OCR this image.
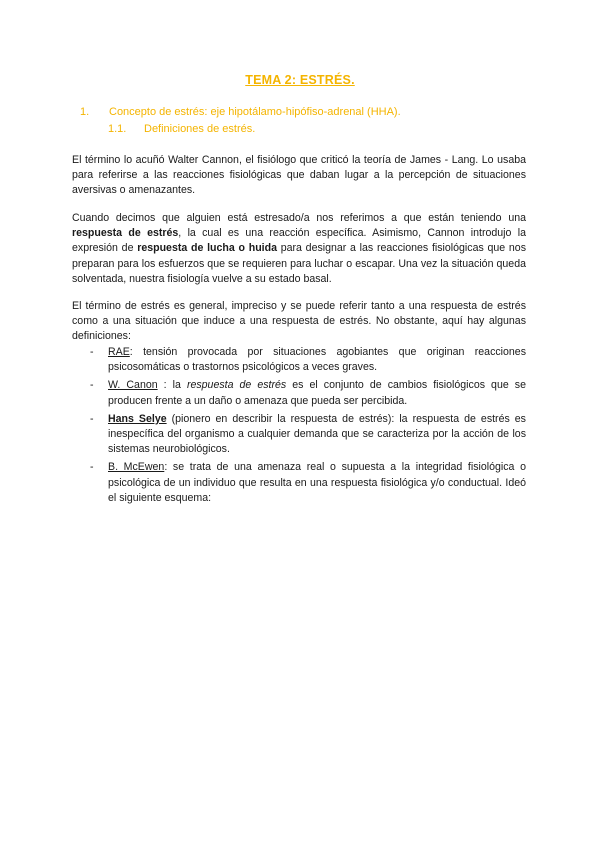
TEMA 2: ESTRÉS.
1. Concepto de estrés: eje hipotálamo-hipófiso-adrenal (HHA).
1.1. Definiciones de estrés.

El término lo acuñó Walter Cannon, el fisiólogo que criticó la teoría de James - Lang. Lo usaba para referirse a las reacciones fisiológicas que daban lugar a la percepción de situaciones aversivas o amenazantes.

Cuando decimos que alguien está estresado/a nos referimos a que están teniendo una respuesta de estrés, la cual es una reacción específica. Asimismo, Cannon introdujo la expresión de respuesta de lucha o huida para designar a las reacciones fisiológicas que nos preparan para los esfuerzos que se requieren para luchar o escapar. Una vez la situación queda solventada, nuestra fisiología vuelve a su estado basal.

El término de estrés es general, impreciso y se puede referir tanto a una respuesta de estrés como a una situación que induce a una respuesta de estrés. No obstante, aquí hay algunas definiciones:

- RAE: tensión provocada por situaciones agobiantes que originan reacciones psicosomáticas o trastornos psicológicos a veces graves.
- W. Canon : la respuesta de estrés es el conjunto de cambios fisiológicos que se producen frente a un daño o amenaza que pueda ser percibida.
- Hans Selye (pionero en describir la respuesta de estrés): la respuesta de estrés es inespecífica del organismo a cualquier demanda que se caracteriza por la acción de los sistemas neurobiológicos.
- B. McEwen: se trata de una amenaza real o supuesta a la integridad fisiológica o psicológica de un individuo que resulta en una respuesta fisiológica y/o conductual. Ideó el siguiente esquema:
